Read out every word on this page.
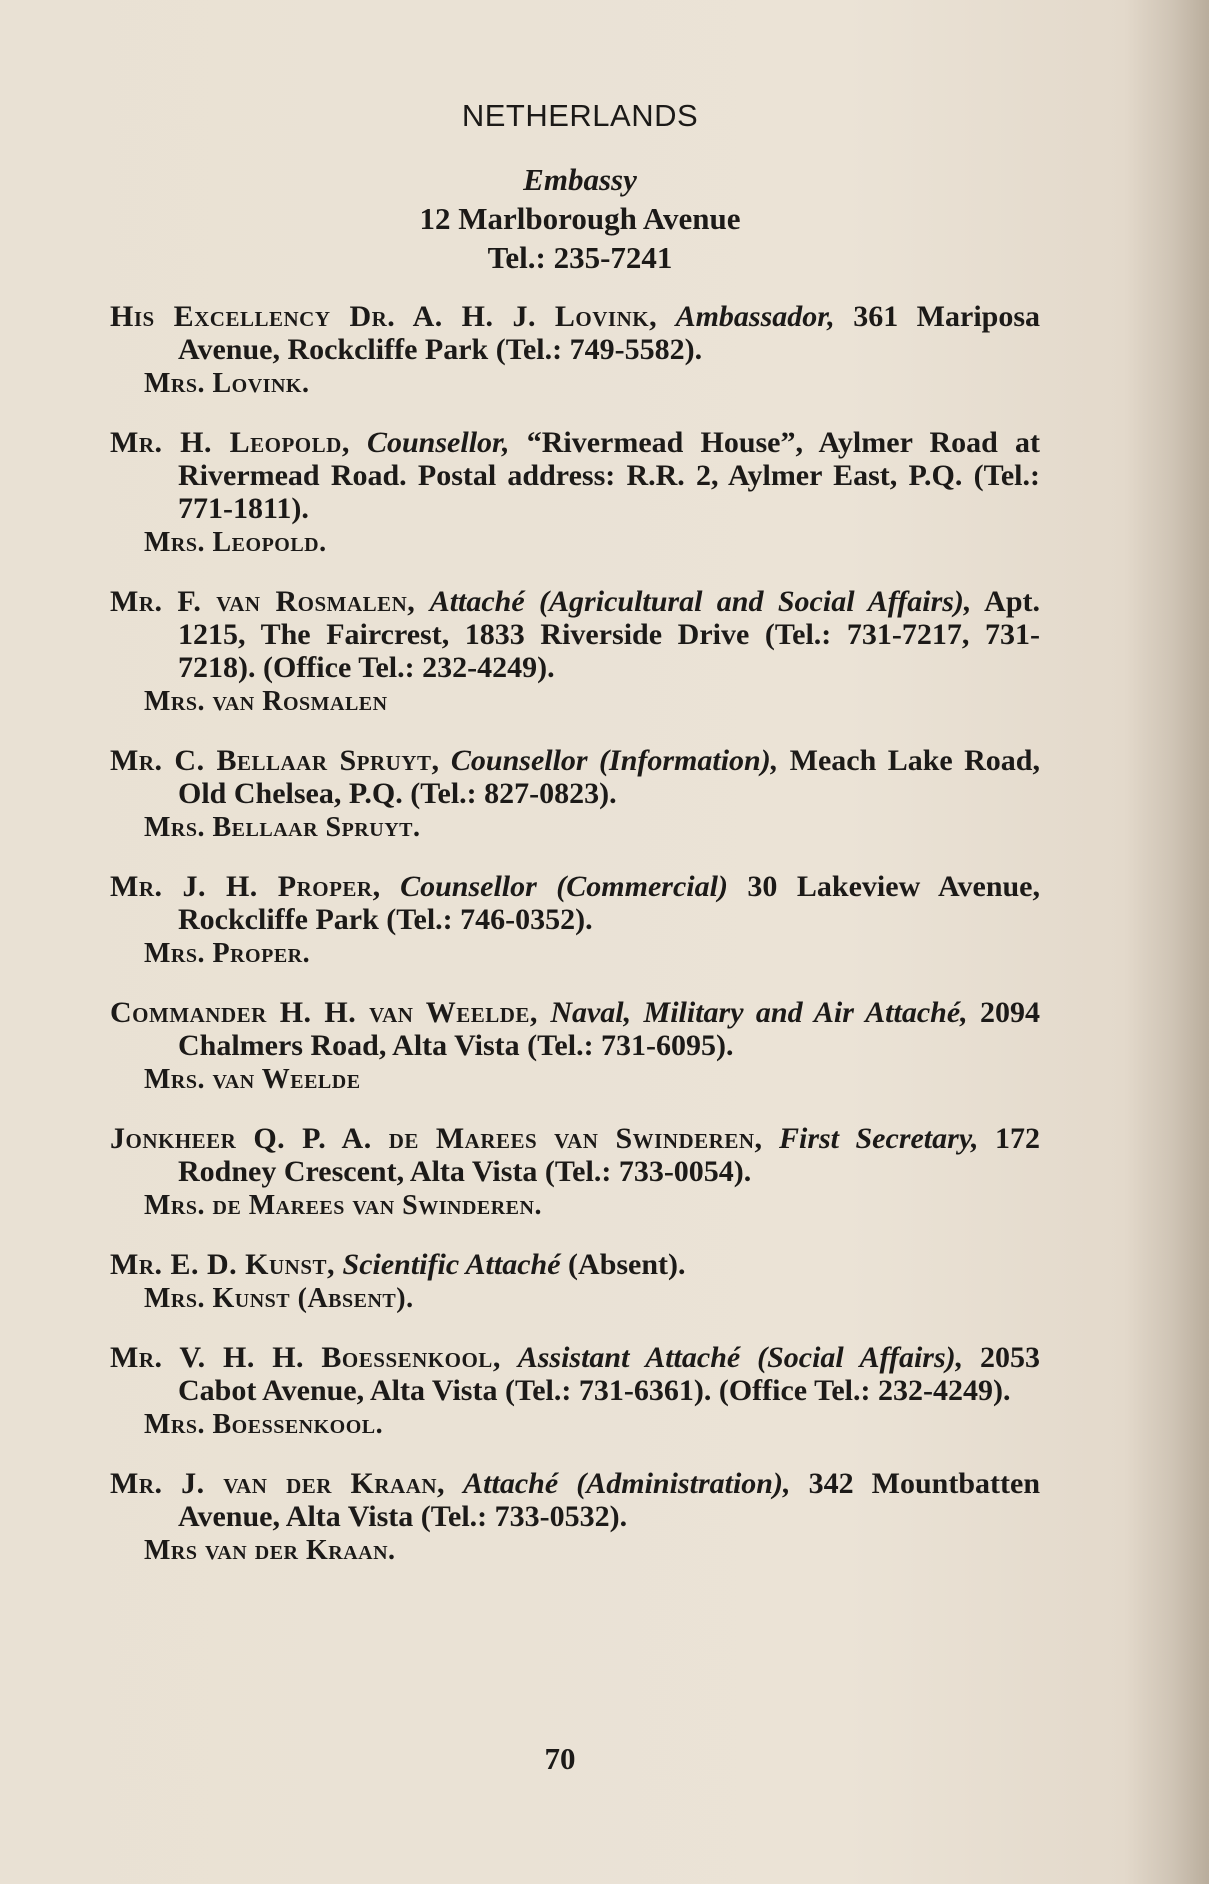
NETHERLANDS
Embassy
12 Marlborough Avenue
Tel.: 235-7241
His Excellency Dr. A. H. J. Lovink, Ambassador, 361 Mariposa Avenue, Rockcliffe Park (Tel.: 749-5582).
Mrs. Lovink.
Mr. H. Leopold, Counsellor, “Rivermead House”, Aylmer Road at Rivermead Road. Postal address: R.R. 2, Aylmer East, P.Q. (Tel.: 771-1811).
Mrs. Leopold.
Mr. F. van Rosmalen, Attaché (Agricultural and Social Affairs), Apt. 1215, The Faircrest, 1833 Riverside Drive (Tel.: 731-7217, 731-7218). (Office Tel.: 232-4249).
Mrs. van Rosmalen
Mr. C. Bellaar Spruyt, Counsellor (Information), Meach Lake Road, Old Chelsea, P.Q. (Tel.: 827-0823).
Mrs. Bellaar Spruyt.
Mr. J. H. Proper, Counsellor (Commercial) 30 Lakeview Avenue, Rockcliffe Park (Tel.: 746-0352).
Mrs. Proper.
Commander H. H. van Weelde, Naval, Military and Air Attaché, 2094 Chalmers Road, Alta Vista (Tel.: 731-6095).
Mrs. van Weelde
Jonkheer Q. P. A. de Marees van Swinderen, First Secretary, 172 Rodney Crescent, Alta Vista (Tel.: 733-0054).
Mrs. de Marees van Swinderen.
Mr. E. D. Kunst, Scientific Attaché (Absent).
Mrs. Kunst (Absent).
Mr. V. H. H. Boessenkool, Assistant Attaché (Social Affairs), 2053 Cabot Avenue, Alta Vista (Tel.: 731-6361). (Office Tel.: 232-4249).
Mrs. Boessenkool.
Mr. J. van der Kraan, Attaché (Administration), 342 Mountbatten Avenue, Alta Vista (Tel.: 733-0532).
Mrs van der Kraan.
70
